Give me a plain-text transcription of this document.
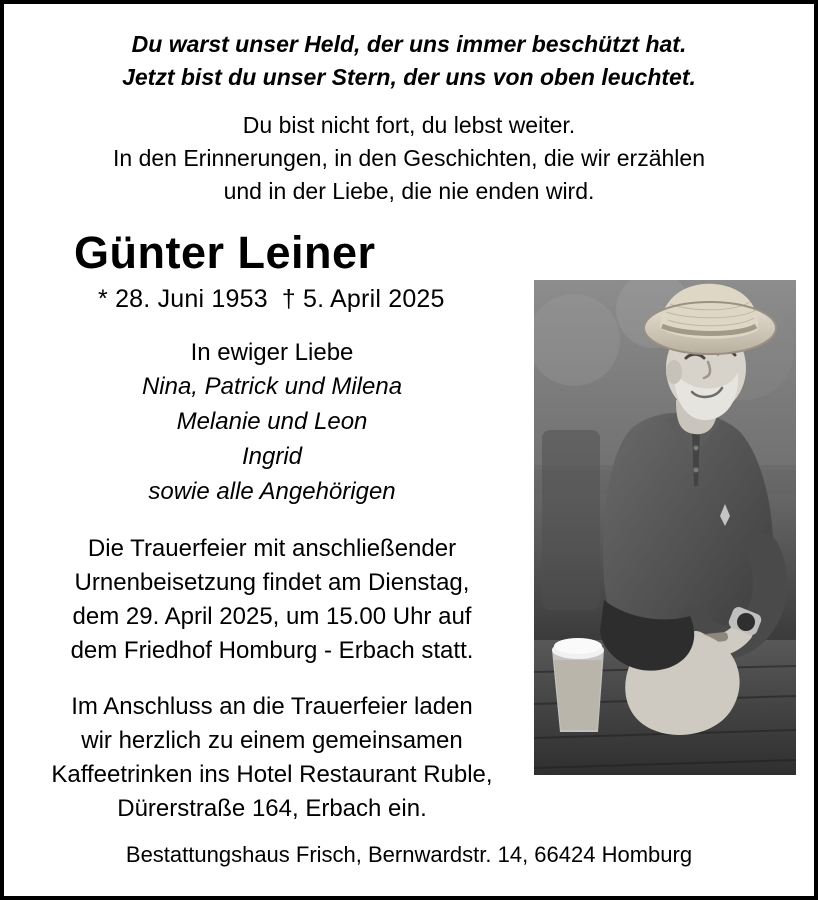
Du warst unser Held, der uns immer beschützt hat.
Jetzt bist du unser Stern, der uns von oben leuchtet.
Du bist nicht fort, du lebst weiter.
In den Erinnerungen, in den Geschichten, die wir erzählen
und in der Liebe, die nie enden wird.
Günter Leiner
* 28. Juni 1953 † 5. April 2025
In ewiger Liebe
Nina, Patrick und Milena
Melanie und Leon
Ingrid
sowie alle Angehörigen
Die Trauerfeier mit anschließender
Urnenbeisetzung findet am Dienstag,
dem 29. April 2025, um 15.00 Uhr auf
dem Friedhof Homburg - Erbach statt.
Im Anschluss an die Trauerfeier laden
wir herzlich zu einem gemeinsamen
Kaffeetrinken ins Hotel Restaurant Ruble,
Dürerstraße 164, Erbach ein.
Bestattungshaus Frisch, Bernwardstr. 14, 66424 Homburg
